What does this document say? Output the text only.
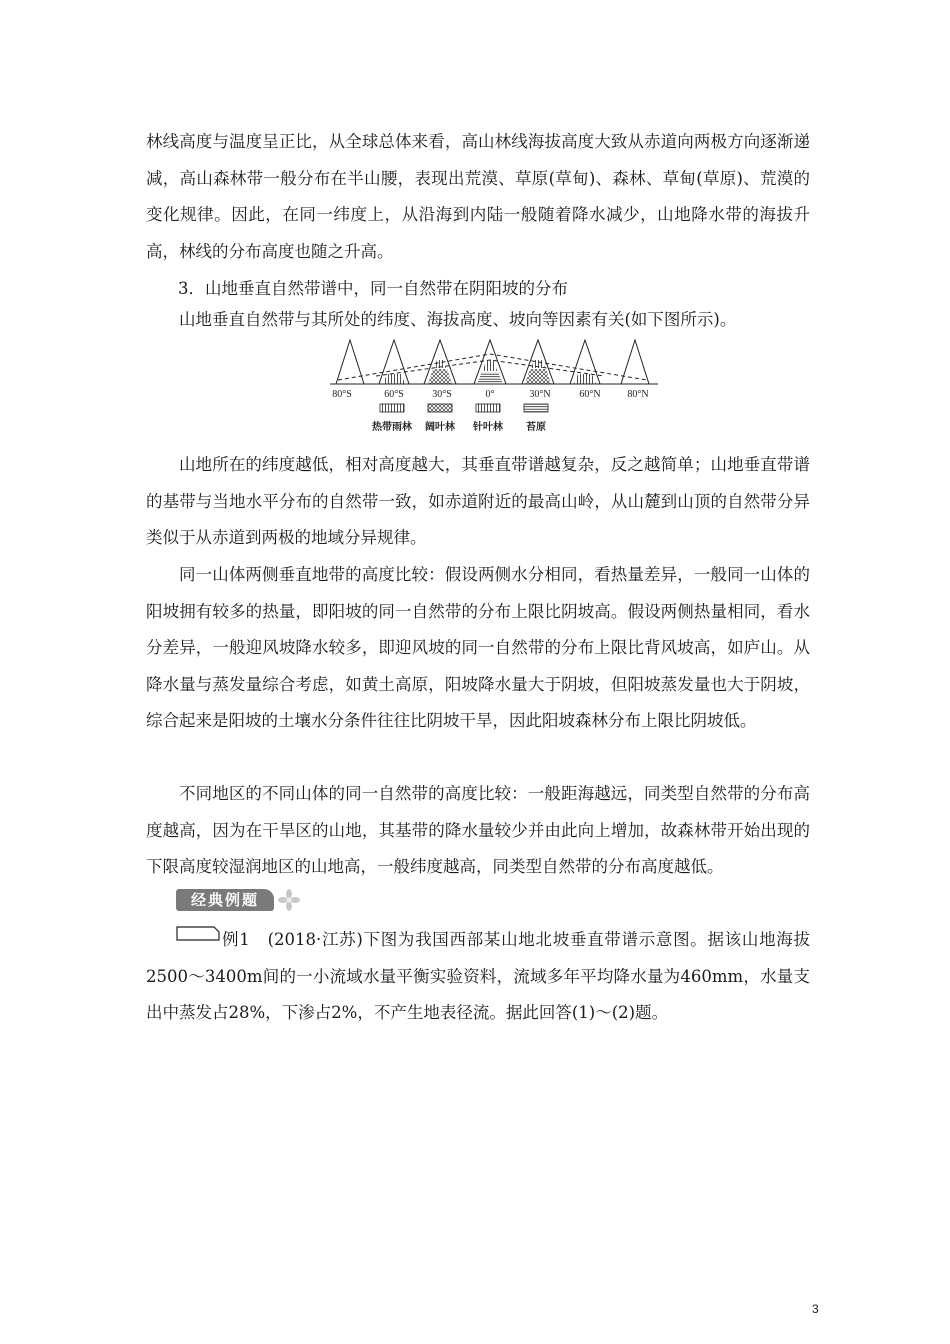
林线高度与温度呈正比，从全球总体来看，高山林线海拔高度大致从赤道向两极方向逐渐递减，高山森林带一般分布在半山腰，表现出荒漠、草原(草甸)、森林、草甸(草原)、荒漠的变化规律。因此，在同一纬度上，从沿海到内陆一般随着降水减少，山地降水带的海拔升高，林线的分布高度也随之升高。

3．山地垂直自然带谱中，同一自然带在阴阳坡的分布

山地垂直自然带与其所处的纬度、海拔高度、坡向等因素有关(如下图所示)。

80°S	60°S	30°S	0°	30°N	60°N	80°N
热带雨林 阔叶林 针叶林 苔原

山地所在的纬度越低，相对高度越大，其垂直带谱越复杂，反之越简单；山地垂直带谱的基带与当地水平分布的自然带一致，如赤道附近的最高山岭，从山麓到山顶的自然带分异类似于从赤道到两极的地域分异规律。

同一山体两侧垂直地带的高度比较：假设两侧水分相同，看热量差异，一般同一山体的阳坡拥有较多的热量，即阳坡的同一自然带的分布上限比阴坡高。假设两侧热量相同，看水分差异，一般迎风坡降水较多，即迎风坡的同一自然带的分布上限比背风坡高，如庐山。从降水量与蒸发量综合考虑，如黄土高原，阳坡降水量大于阴坡，但阳坡蒸发量也大于阴坡，综合起来是阳坡的土壤水分条件往往比阴坡干旱，因此阳坡森林分布上限比阴坡低。

不同地区的不同山体的同一自然带的高度比较：一般距海越远，同类型自然带的分布高度越高，因为在干旱区的山地，其基带的降水量较少并由此向上增加，故森林带开始出现的下限高度较湿润地区的山地高，一般纬度越高，同类型自然带的分布高度越低。

经典例题

例1　(2018·江苏)下图为我国西部某山地北坡垂直带谱示意图。据该山地海拔2500～3400m间的一小流域水量平衡实验资料，流域多年平均降水量为460mm，水量支出中蒸发占28%，下渗占2%，不产生地表径流。据此回答(1)～(2)题。

3
